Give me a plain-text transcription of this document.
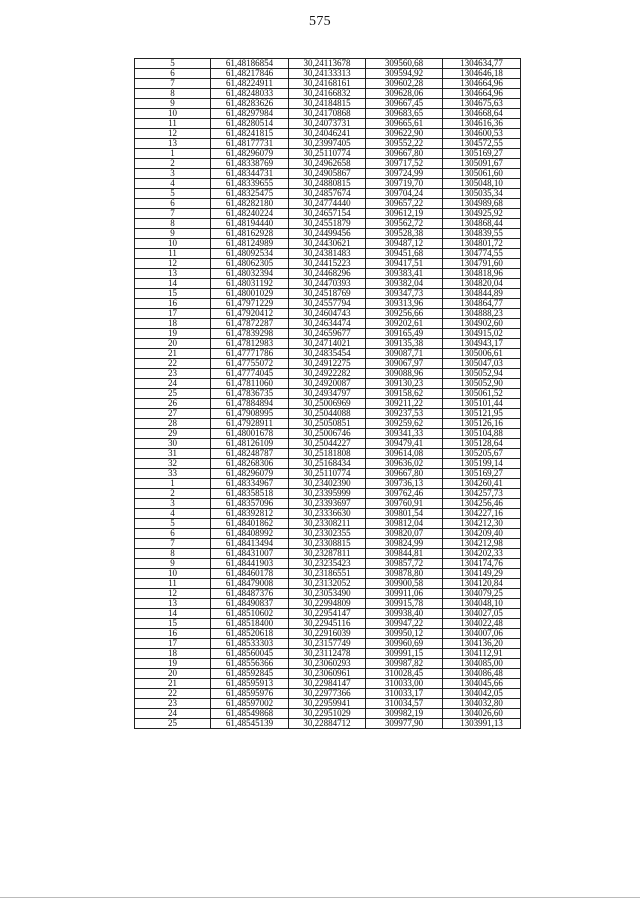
575
5	61,48186854	30,24113678	309560,68	1304634,77
6	61,48217846	30,24133313	309594,92	1304646,18
7	61,48224911	30,24168161	309602,28	1304664,96
8	61,48248033	30,24166832	309628,06	1304664,96
9	61,48283626	30,24184815	309667,45	1304675,63
10	61,48297984	30,24170868	309683,65	1304668,64
11	61,48280514	30,24073731	309665,61	1304616,36
12	61,48241815	30,24046241	309622,90	1304600,53
13	61,48177731	30,23997405	309552,22	1304572,55
1	61,48296079	30,25110774	309667,80	1305169,27
2	61,48338769	30,24962658	309717,52	1305091,67
3	61,48344731	30,24905867	309724,99	1305061,60
4	61,48339655	30,24880815	309719,70	1305048,10
5	61,48325475	30,24857674	309704,24	1305035,34
6	61,48282180	30,24774440	309657,22	1304989,68
7	61,48240224	30,24657154	309612,19	1304925,92
8	61,48194440	30,24551879	309562,72	1304868,44
9	61,48162928	30,24499456	309528,38	1304839,55
10	61,48124989	30,24430621	309487,12	1304801,72
11	61,48092534	30,24381483	309451,68	1304774,55
12	61,48062305	30,24415223	309417,51	1304791,60
13	61,48032394	30,24468296	309383,41	1304818,96
14	61,48031192	30,24470393	309382,04	1304820,04
15	61,48001029	30,24518769	309347,73	1304844,89
16	61,47971229	30,24557794	309313,96	1304864,77
17	61,47920412	30,24604743	309256,66	1304888,23
18	61,47872287	30,24634474	309202,61	1304902,60
19	61,47839298	30,24659677	309165,49	1304915,02
20	61,47812983	30,24714021	309135,38	1304943,17
21	61,47771786	30,24835454	309087,71	1305006,61
22	61,47755072	30,24912275	309067,97	1305047,03
23	61,47774045	30,24922282	309088,96	1305052,94
24	61,47811060	30,24920087	309130,23	1305052,90
25	61,47836735	30,24934797	309158,62	1305061,52
26	61,47884894	30,25006969	309211,22	1305101,44
27	61,47908995	30,25044088	309237,53	1305121,95
28	61,47928911	30,25050851	309259,62	1305126,16
29	61,48001678	30,25006746	309341,33	1305104,88
30	61,48126109	30,25044227	309479,41	1305128,64
31	61,48248787	30,25181808	309614,08	1305205,67
32	61,48268306	30,25168434	309636,02	1305199,14
33	61,48296079	30,25110774	309667,80	1305169,27
1	61,48334967	30,23402390	309736,13	1304260,41
2	61,48358518	30,23395999	309762,46	1304257,73
3	61,48357096	30,23393697	309760,91	1304256,46
4	61,48392812	30,23336630	309801,54	1304227,16
5	61,48401862	30,23308211	309812,04	1304212,30
6	61,48408992	30,23302355	309820,07	1304209,40
7	61,48413494	30,23308815	309824,99	1304212,98
8	61,48431007	30,23287811	309844,81	1304202,33
9	61,48441903	30,23235423	309857,72	1304174,76
10	61,48460178	30,23186551	309878,80	1304149,29
11	61,48479008	30,23132052	309900,58	1304120,84
12	61,48487376	30,23053490	309911,06	1304079,25
13	61,48490837	30,22994809	309915,78	1304048,10
14	61,48510602	30,22954147	309938,40	1304027,05
15	61,48518400	30,22945116	309947,22	1304022,48
16	61,48520618	30,22916039	309950,12	1304007,06
17	61,48533303	30,23157749	309960,69	1304136,20
18	61,48560045	30,23112478	309991,15	1304112,91
19	61,48556366	30,23060293	309987,82	1304085,00
20	61,48592845	30,23060961	310028,45	1304086,48
21	61,48595913	30,22984147	310033,00	1304045,66
22	61,48595976	30,22977366	310033,17	1304042,05
23	61,48597002	30,22959941	310034,57	1304032,80
24	61,48549868	30,22951029	309982,19	1304026,60
25	61,48545139	30,22884712	309977,90	1303991,13
